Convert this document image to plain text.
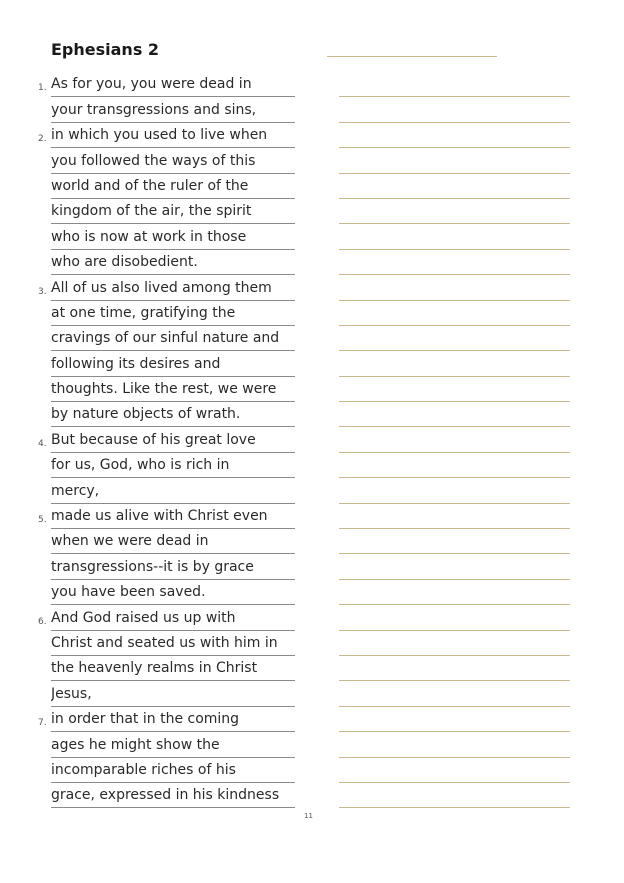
Ephesians 2
1. As for you, you were dead in
your transgressions and sins,
2. in which you used to live when
you followed the ways of this
world and of the ruler of the
kingdom of the air, the spirit
who is now at work in those
who are disobedient.
3. All of us also lived among them
at one time, gratifying the
cravings of our sinful nature and
following its desires and
thoughts. Like the rest, we were
by nature objects of wrath.
4. But because of his great love
for us, God, who is rich in
mercy,
5. made us alive with Christ even
when we were dead in
transgressions--it is by grace
you have been saved.
6. And God raised us up with
Christ and seated us with him in
the heavenly realms in Christ
Jesus,
7. in order that in the coming
ages he might show the
incomparable riches of his
grace, expressed in his kindness
11
